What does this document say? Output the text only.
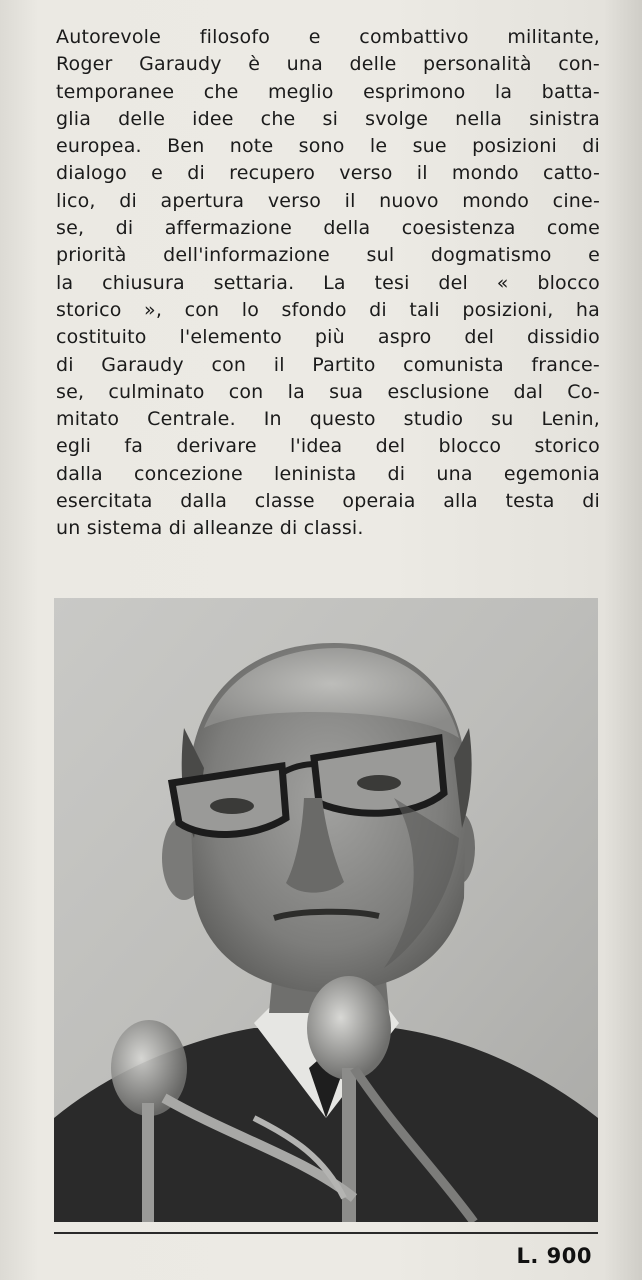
Autorevole filosofo e combattivo militante,
Roger Garaudy è una delle personalità con-
temporanee che meglio esprimono la batta-
glia delle idee che si svolge nella sinistra
europea. Ben note sono le sue posizioni di
dialogo e di recupero verso il mondo catto-
lico, di apertura verso il nuovo mondo cine-
se, di affermazione della coesistenza come
priorità dell'informazione sul dogmatismo e
la chiusura settaria. La tesi del « blocco
storico », con lo sfondo di tali posizioni, ha
costituito l'elemento più aspro del dissidio
di Garaudy con il Partito comunista france-
se, culminato con la sua esclusione dal Co-
mitato Centrale. In questo studio su Lenin,
egli fa derivare l'idea del blocco storico
dalla concezione leninista di una egemonia
esercitata dalla classe operaia alla testa di
un sistema di alleanze di classi.
L. 900
